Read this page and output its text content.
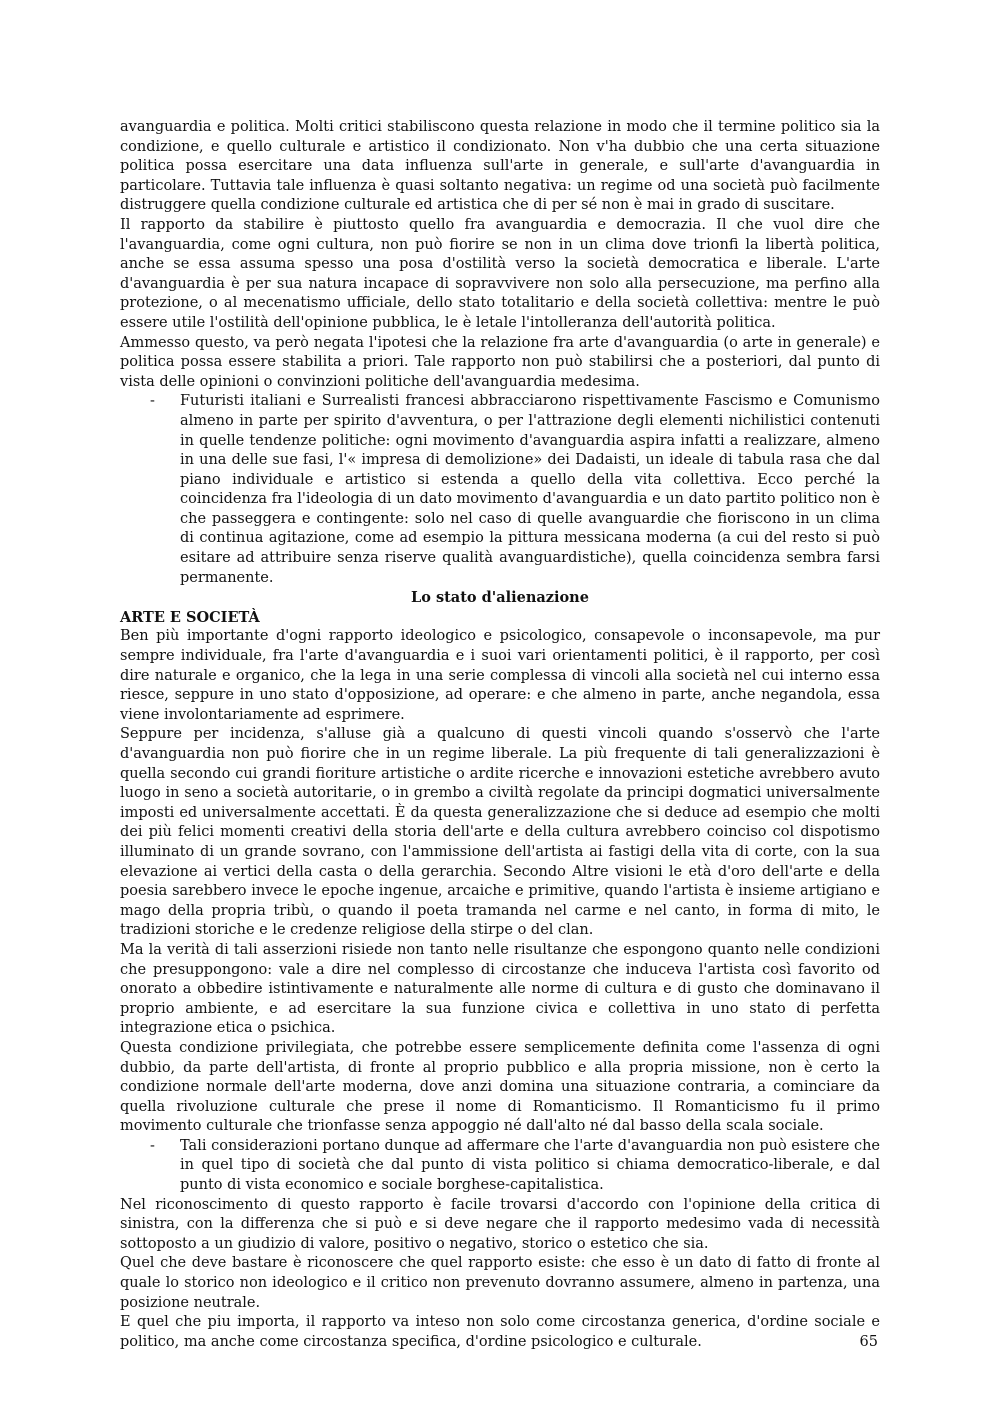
avanguardia e politica. Molti critici stabiliscono questa relazione in modo che il termine politico sia la condizione, e quello culturale e artistico il condizionato. Non v'ha dubbio che una certa situazione politica possa esercitare una data influenza sull'arte in generale, e sull'arte d'avanguardia in particolare. Tuttavia tale influenza è quasi soltanto negativa: un regime od una società può facilmente distruggere quella condizione culturale ed artistica che di per sé non è mai in grado di suscitare.

Il rapporto da stabilire è piuttosto quello fra avanguardia e democrazia. Il che vuol dire che l'avanguardia, come ogni cultura, non può fiorire se non in un clima dove trionfi la libertà politica, anche se essa assuma spesso una posa d'ostilità verso la società democratica e liberale. L'arte d'avanguardia è per sua natura incapace di sopravvivere non solo alla persecuzione, ma perfino alla protezione, o al mecenatismo ufficiale, dello stato totalitario e della società collettiva: mentre le può essere utile l'ostilità dell'opinione pubblica, le è letale l'intolleranza dell'autorità politica.

Ammesso questo, va però negata l'ipotesi che la relazione fra arte d'avanguardia (o arte in generale) e politica possa essere stabilita a priori. Tale rapporto non può stabilirsi che a posteriori, dal punto di vista delle opinioni o convinzioni politiche dell'avanguardia medesima.

- Futuristi italiani e Surrealisti francesi abbracciarono rispettivamente Fascismo e Comunismo almeno in parte per spirito d'avventura, o per l'attrazione degli elementi nichilistici contenuti in quelle tendenze politiche: ogni movimento d'avanguardia aspira infatti a realizzare, almeno in una delle sue fasi, l'« impresa di demolizione» dei Dadaisti, un ideale di tabula rasa che dal piano individuale e artistico si estenda a quello della vita collettiva. Ecco perché la coincidenza fra l'ideologia di un dato movimento d'avanguardia e un dato partito politico non è che passeggera e contingente: solo nel caso di quelle avanguardie che fioriscono in un clima di continua agitazione, come ad esempio la pittura messicana moderna (a cui del resto si può esitare ad attribuire senza riserve qualità avanguardistiche), quella coincidenza sembra farsi permanente.

Lo stato d'alienazione

ARTE E SOCIETÀ

Ben più importante d'ogni rapporto ideologico e psicologico, consapevole o inconsapevole, ma pur sempre individuale, fra l'arte d'avanguardia e i suoi vari orientamenti politici, è il rapporto, per così dire naturale e organico, che la lega in una serie complessa di vincoli alla società nel cui interno essa riesce, seppure in uno stato d'opposizione, ad operare: e che almeno in parte, anche negandola, essa viene involontariamente ad esprimere.

Seppure per incidenza, s'alluse già a qualcuno di questi vincoli quando s'osservò che l'arte d'avanguardia non può fiorire che in un regime liberale. La più frequente di tali generalizzazioni è quella secondo cui grandi fioriture artistiche o ardite ricerche e innovazioni estetiche avrebbero avuto luogo in seno a società autoritarie, o in grembo a civiltà regolate da principi dogmatici universalmente imposti ed universalmente accettati. È da questa generalizzazione che si deduce ad esempio che molti dei più felici momenti creativi della storia dell'arte e della cultura avrebbero coinciso col dispotismo illuminato di un grande sovrano, con l'ammissione dell'artista ai fastigi della vita di corte, con la sua elevazione ai vertici della casta o della gerarchia. Secondo Altre visioni le età d'oro dell'arte e della poesia sarebbero invece le epoche ingenue, arcaiche e primitive, quando l'artista è insieme artigiano e mago della propria tribù, o quando il poeta tramanda nel carme e nel canto, in forma di mito, le tradizioni storiche e le credenze religiose della stirpe o del clan.

Ma la verità di tali asserzioni risiede non tanto nelle risultanze che espongono quanto nelle condizioni che presuppongono: vale a dire nel complesso di circostanze che induceva l'artista così favorito od onorato a obbedire istintivamente e naturalmente alle norme di cultura e di gusto che dominavano il proprio ambiente, e ad esercitare la sua funzione civica e collettiva in uno stato di perfetta integrazione etica o psichica.

Questa condizione privilegiata, che potrebbe essere semplicemente definita come l'assenza di ogni dubbio, da parte dell'artista, di fronte al proprio pubblico e alla propria missione, non è certo la condizione normale dell'arte moderna, dove anzi domina una situazione contraria, a cominciare da quella rivoluzione culturale che prese il nome di Romanticismo. Il Romanticismo fu il primo movimento culturale che trionfasse senza appoggio né dall'alto né dal basso della scala sociale.

- Tali considerazioni portano dunque ad affermare che l'arte d'avanguardia non può esistere che in quel tipo di società che dal punto di vista politico si chiama democratico-liberale, e dal punto di vista economico e sociale borghese-capitalistica.

Nel riconoscimento di questo rapporto è facile trovarsi d'accordo con l'opinione della critica di sinistra, con la differenza che si può e si deve negare che il rapporto medesimo vada di necessità sottoposto a un giudizio di valore, positivo o negativo, storico o estetico che sia.

Quel che deve bastare è riconoscere che quel rapporto esiste: che esso è un dato di fatto di fronte al quale lo storico non ideologico e il critico non prevenuto dovranno assumere, almeno in partenza, una posizione neutrale.

E quel che piu importa, il rapporto va inteso non solo come circostanza generica, d'ordine sociale e politico, ma anche come circostanza specifica, d'ordine psicologico e culturale.	65
